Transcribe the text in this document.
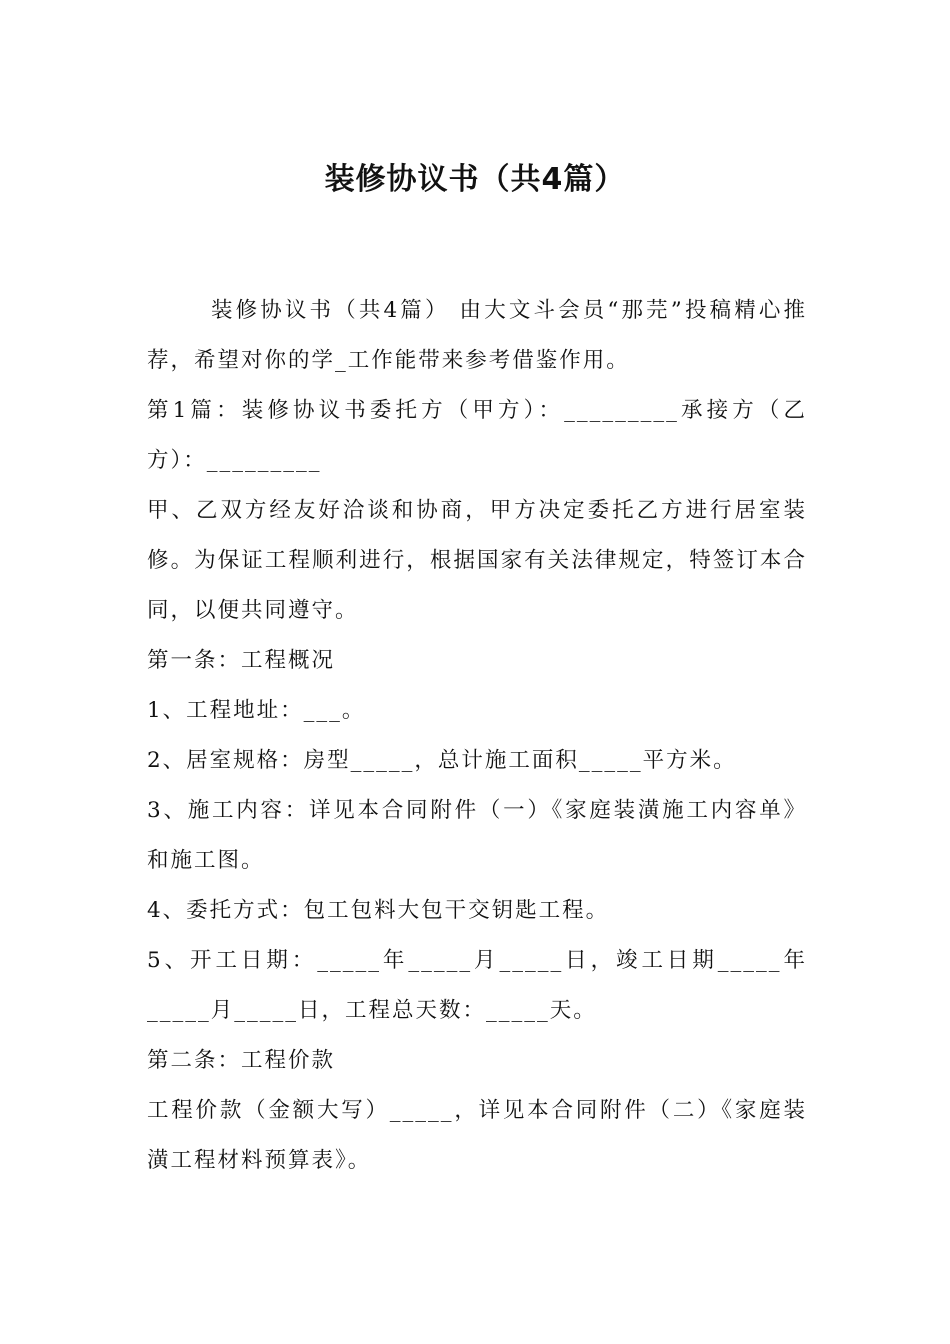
装修协议书（共4篇）

装修协议书（共4篇） 由大文斗会员“那芫”投稿精心推荐，希望对你的学_工作能带来参考借鉴作用。

第1篇：装修协议书委托方（甲方）：_________承接方（乙方）：_________

甲、乙双方经友好洽谈和协商，甲方决定委托乙方进行居室装修。为保证工程顺利进行，根据国家有关法律规定，特签订本合同，以便共同遵守。

第一条：工程概况

1、工程地址：___。

2、居室规格：房型_____，总计施工面积_____平方米。

3、施工内容：详见本合同附件（一）《家庭装潢施工内容单》和施工图。

4、委托方式：包工包料大包干交钥匙工程。

5、开工日期：_____年_____月_____日，竣工日期_____年_____月_____日，工程总天数：_____天。

第二条：工程价款

工程价款（金额大写）_____，详见本合同附件（二）《家庭装潢工程材料预算表》。
